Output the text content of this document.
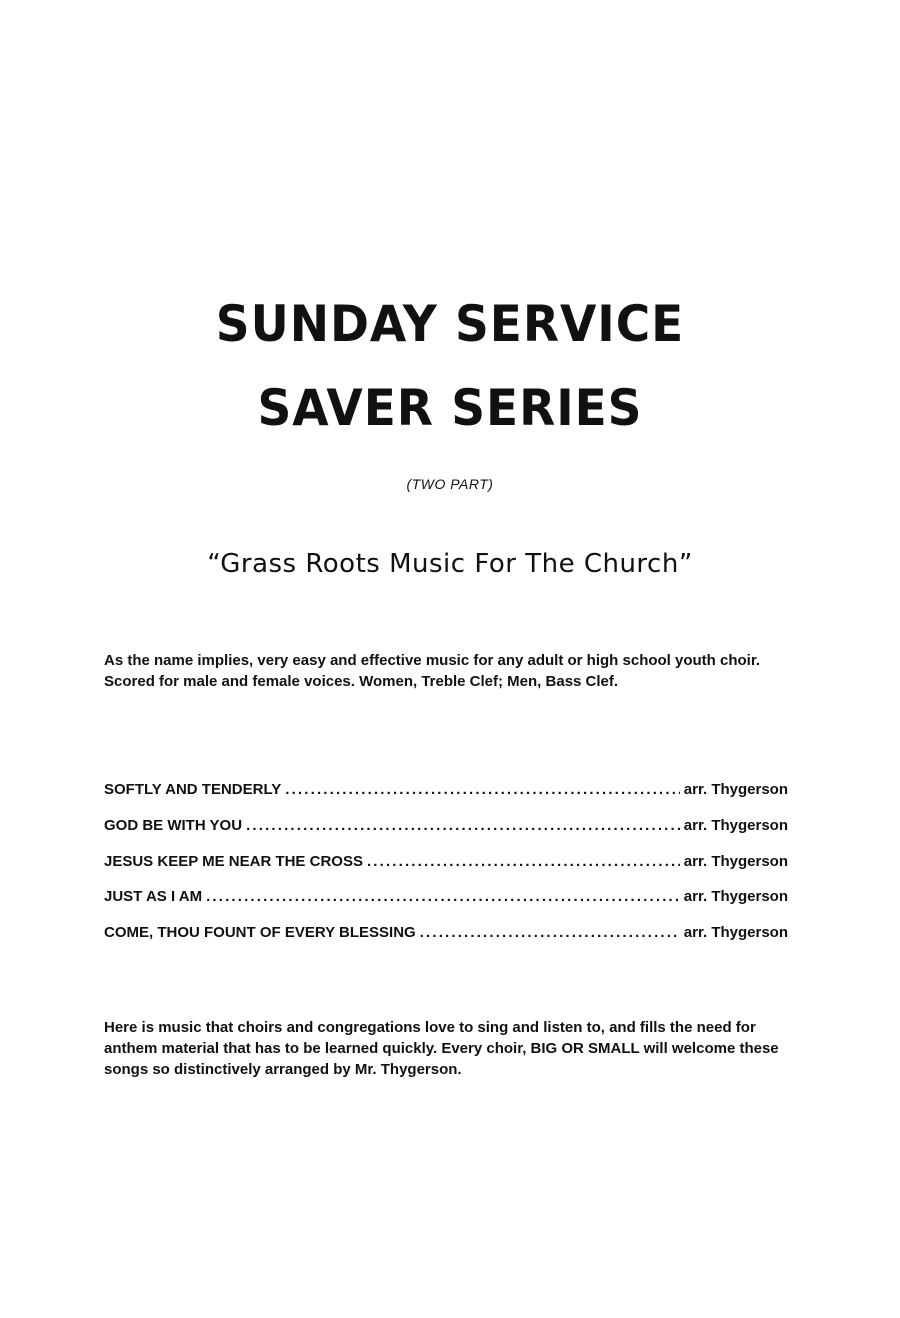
SUNDAY SERVICE
SAVER SERIES
(TWO PART)
“Grass Roots Music For The Church”
As the name implies, very easy and effective music for any adult or high school youth choir. Scored for male and female voices. Women, Treble Clef; Men, Bass Clef.
SOFTLY AND TENDERLY . . .	arr. Thygerson
GOD BE WITH YOU . . .	arr. Thygerson
JESUS KEEP ME NEAR THE CROSS . . .	arr. Thygerson
JUST AS I AM . . .	arr. Thygerson
COME, THOU FOUNT OF EVERY BLESSING . . .	arr. Thygerson
Here is music that choirs and congregations love to sing and listen to, and fills the need for anthem material that has to be learned quickly. Every choir, BIG OR SMALL will welcome these songs so distinctively arranged by Mr. Thygerson.
